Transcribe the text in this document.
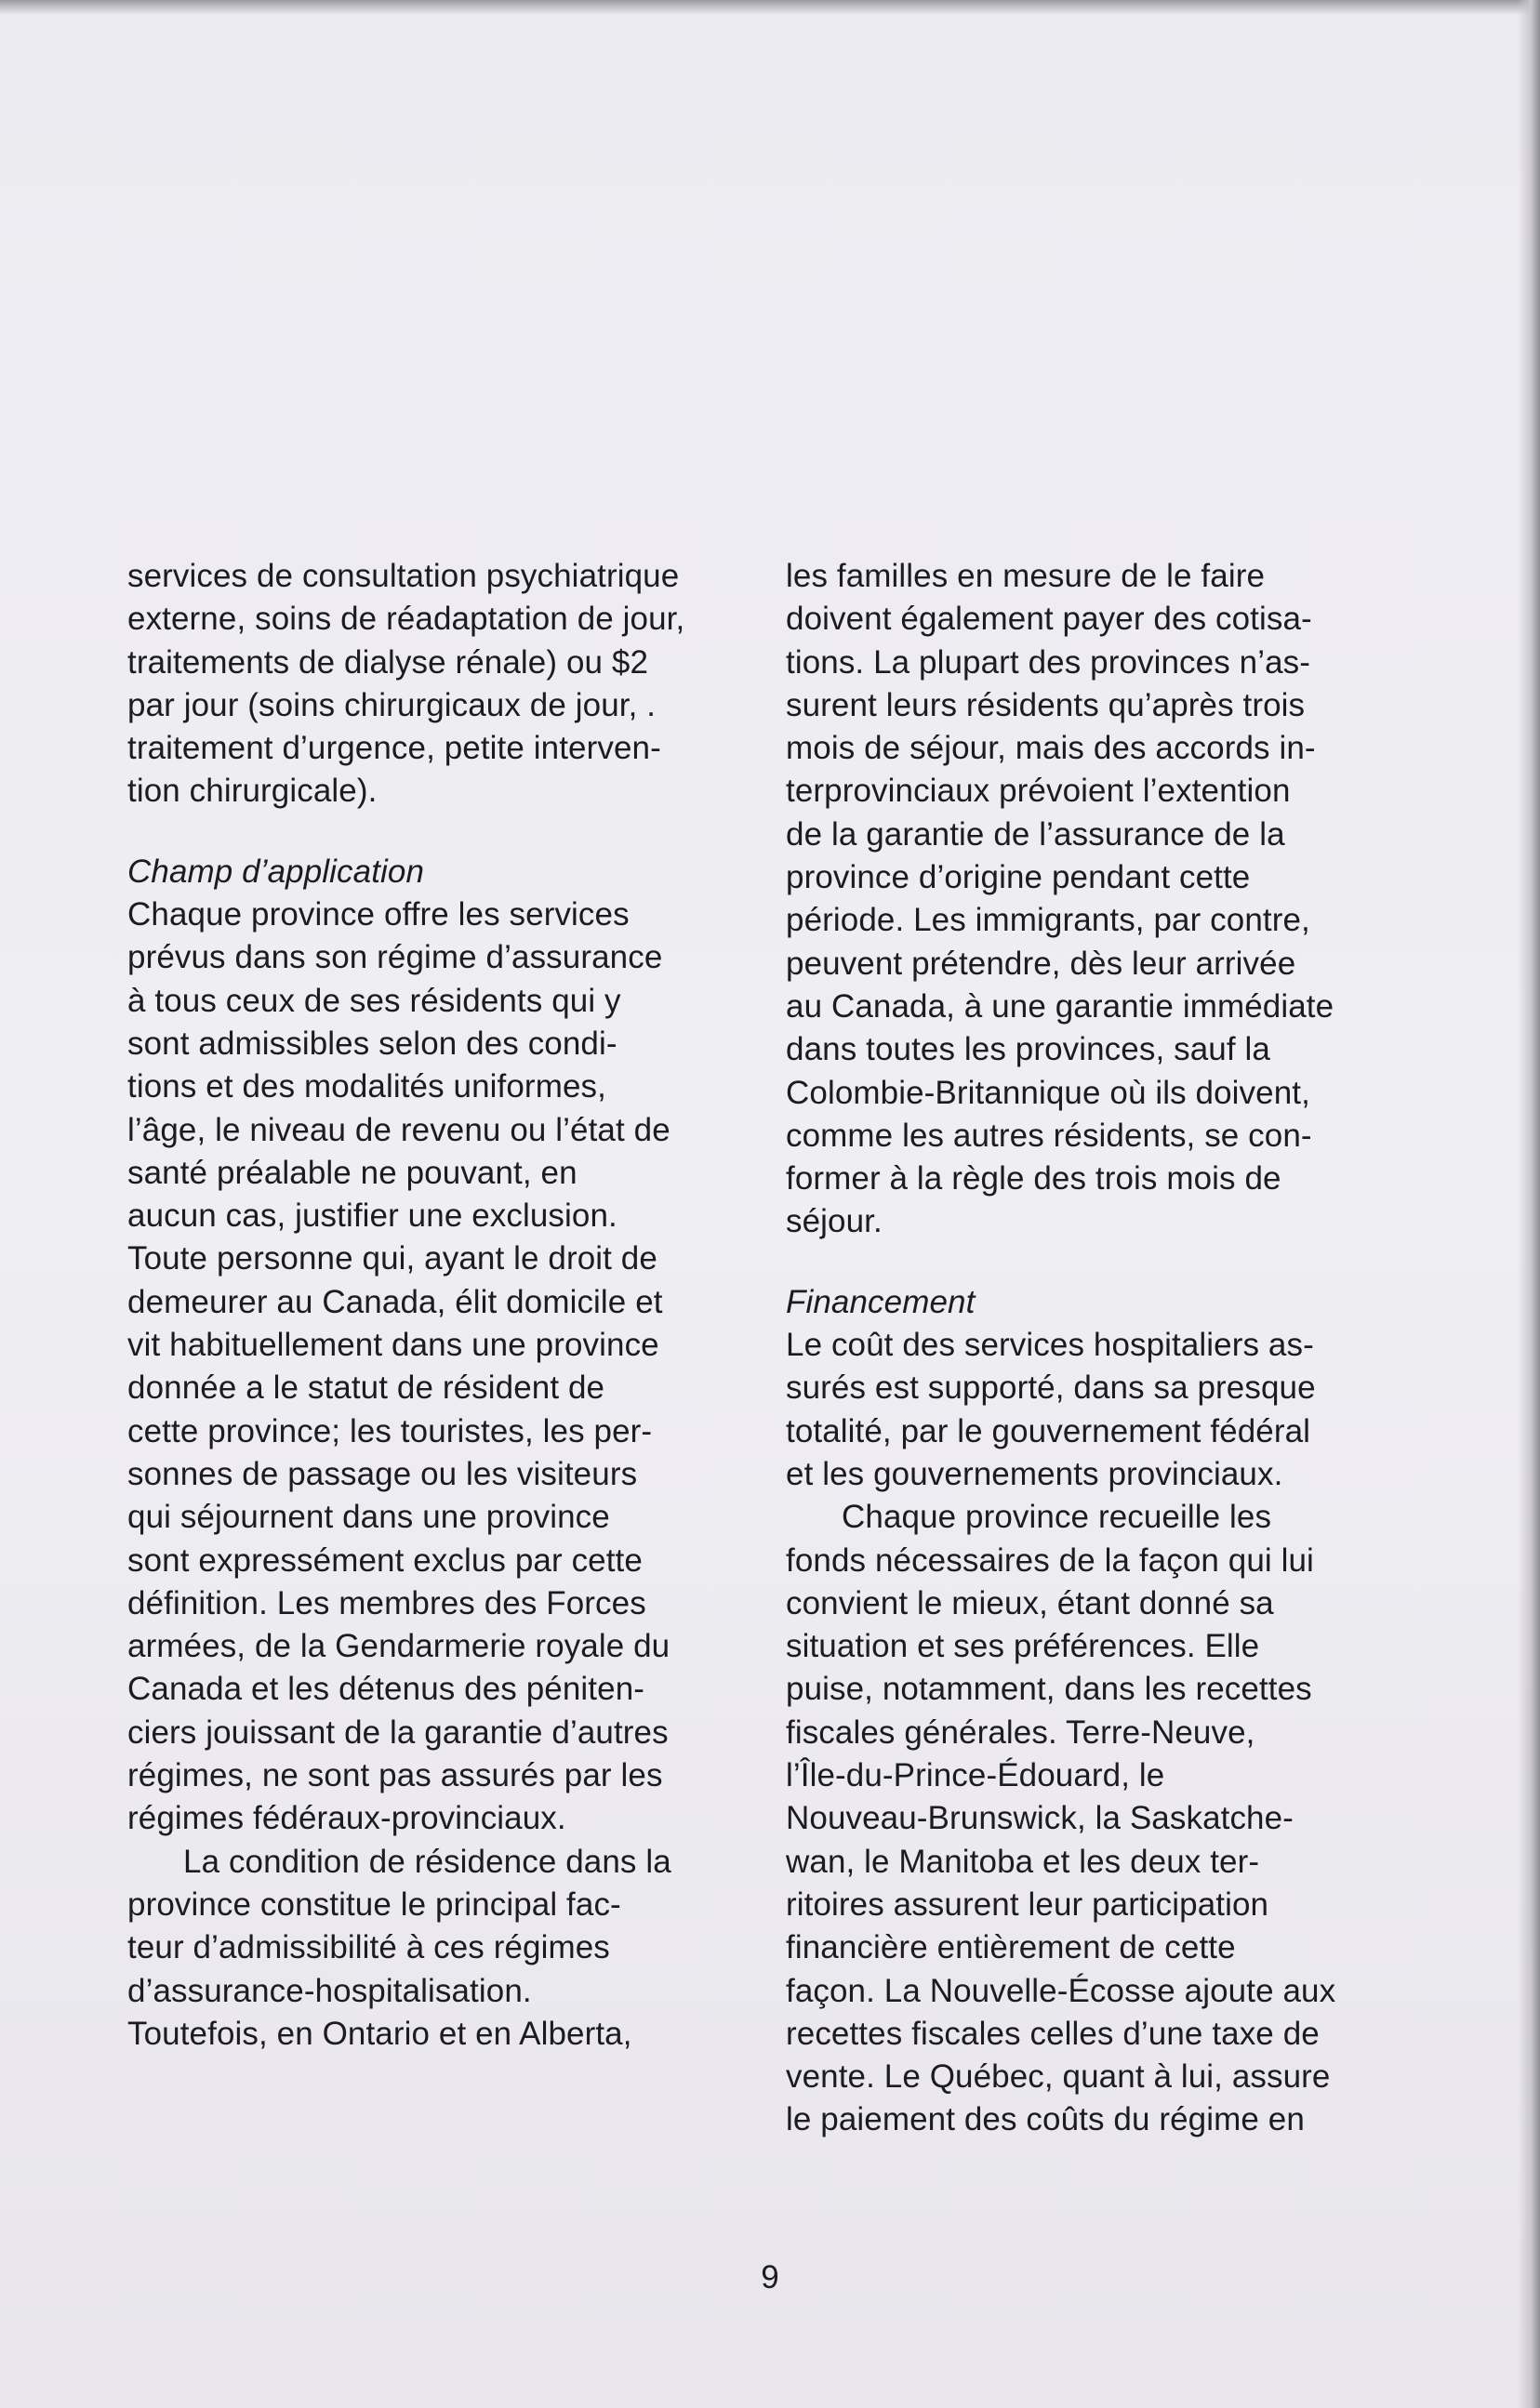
services de consultation psychiatrique
externe, soins de réadaptation de jour,
traitements de dialyse rénale) ou $2
par jour (soins chirurgicaux de jour, .
traitement d’urgence, petite interven-
tion chirurgicale).
Champ d’application
Chaque province offre les services
prévus dans son régime d’assurance
à tous ceux de ses résidents qui y
sont admissibles selon des condi-
tions et des modalités uniformes,
l’âge, le niveau de revenu ou l’état de
santé préalable ne pouvant, en
aucun cas, justifier une exclusion.
Toute personne qui, ayant le droit de
demeurer au Canada, élit domicile et
vit habituellement dans une province
donnée a le statut de résident de
cette province; les touristes, les per-
sonnes de passage ou les visiteurs
qui séjournent dans une province
sont expressément exclus par cette
définition. Les membres des Forces
armées, de la Gendarmerie royale du
Canada et les détenus des péniten-
ciers jouissant de la garantie d’autres
régimes, ne sont pas assurés par les
régimes fédéraux-provinciaux.
La condition de résidence dans la
province constitue le principal fac-
teur d’admissibilité à ces régimes
d’assurance-hospitalisation.
Toutefois, en Ontario et en Alberta,
les familles en mesure de le faire
doivent également payer des cotisa-
tions. La plupart des provinces n’as-
surent leurs résidents qu’après trois
mois de séjour, mais des accords in-
terprovinciaux prévoient l’extention
de la garantie de l’assurance de la
province d’origine pendant cette
période. Les immigrants, par contre,
peuvent prétendre, dès leur arrivée
au Canada, à une garantie immédiate
dans toutes les provinces, sauf la
Colombie-Britannique où ils doivent,
comme les autres résidents, se con-
former à la règle des trois mois de
séjour.
Financement
Le coût des services hospitaliers as-
surés est supporté, dans sa presque
totalité, par le gouvernement fédéral
et les gouvernements provinciaux.
Chaque province recueille les
fonds nécessaires de la façon qui lui
convient le mieux, étant donné sa
situation et ses préférences. Elle
puise, notamment, dans les recettes
fiscales générales. Terre-Neuve,
l’Île-du-Prince-Édouard, le
Nouveau-Brunswick, la Saskatche-
wan, le Manitoba et les deux ter-
ritoires assurent leur participation
financière entièrement de cette
façon. La Nouvelle-Écosse ajoute aux
recettes fiscales celles d’une taxe de
vente. Le Québec, quant à lui, assure
le paiement des coûts du régime en
9
